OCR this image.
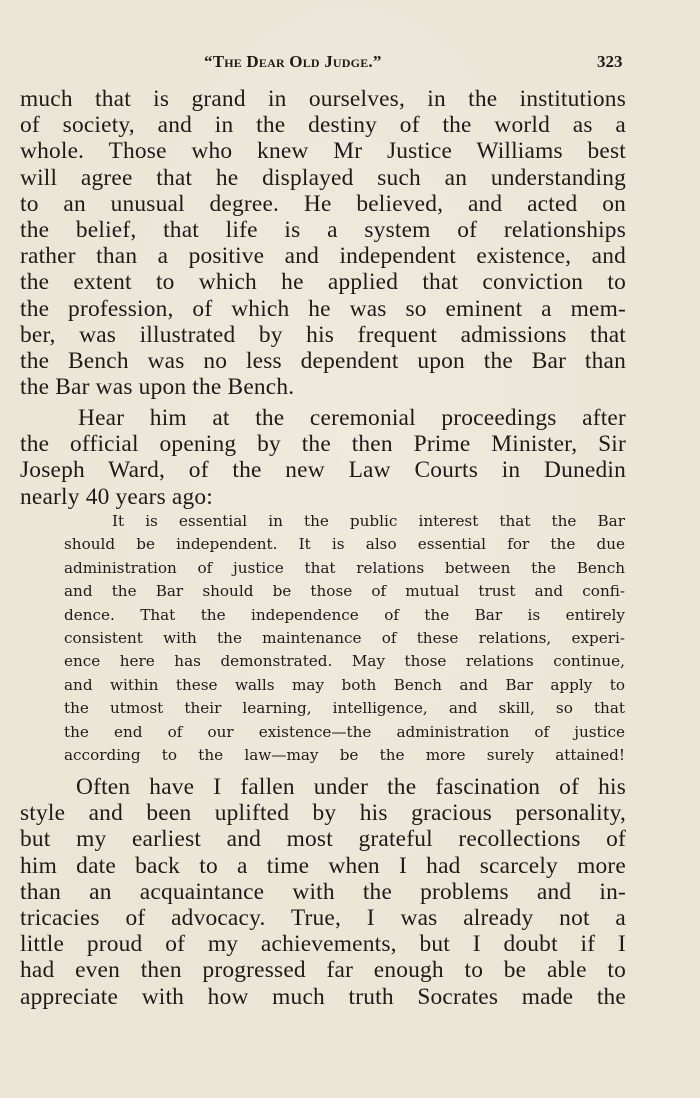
“The Dear Old Judge.”	323
much that is grand in ourselves, in the institutions
of society, and in the destiny of the world as a
whole. Those who knew Mr Justice Williams best
will agree that he displayed such an understanding
to an unusual degree. He believed, and acted on
the belief, that life is a system of relationships
rather than a positive and independent existence, and
the extent to which he applied that conviction to
the profession, of which he was so eminent a mem-
ber, was illustrated by his frequent admissions that
the Bench was no less dependent upon the Bar than
the Bar was upon the Bench.
Hear him at the ceremonial proceedings after
the official opening by the then Prime Minister, Sir
Joseph Ward, of the new Law Courts in Dunedin
nearly 40 years ago:
It is essential in the public interest that the Bar
should be independent. It is also essential for the due
administration of justice that relations between the Bench
and the Bar should be those of mutual trust and confi-
dence. That the independence of the Bar is entirely
consistent with the maintenance of these relations, experi-
ence here has demonstrated. May those relations continue,
and within these walls may both Bench and Bar apply to
the utmost their learning, intelligence, and skill, so that
the end of our existence—the administration of justice
according to the law—may be the more surely attained!
Often have I fallen under the fascination of his
style and been uplifted by his gracious personality,
but my earliest and most grateful recollections of
him date back to a time when I had scarcely more
than an acquaintance with the problems and in-
tricacies of advocacy. True, I was already not a
little proud of my achievements, but I doubt if I
had even then progressed far enough to be able to
appreciate with how much truth Socrates made the
